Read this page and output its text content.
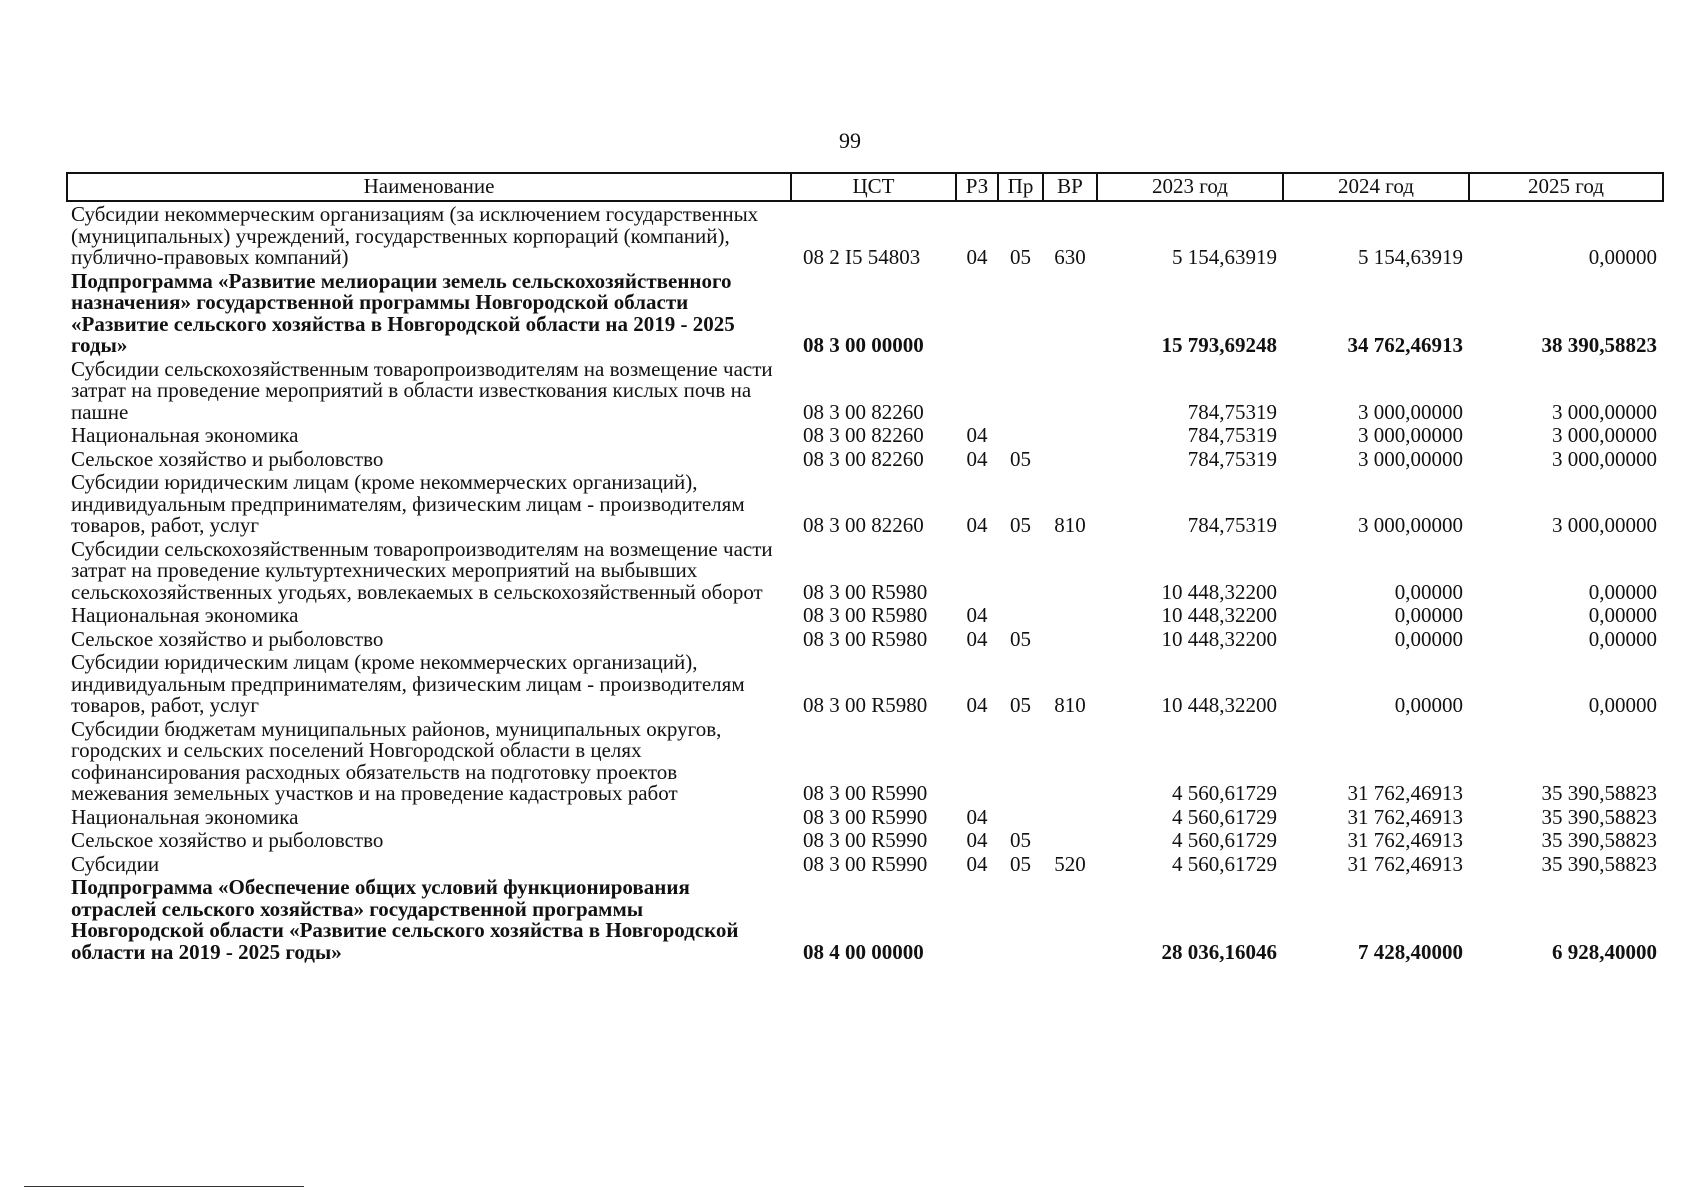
99
Наименование	ЦСТ	РЗ	Пр	ВР	2023 год	2024 год	2025 год
Субсидии некоммерческим организациям (за исключением государственных (муниципальных) учреждений, государственных корпораций (компаний), публично-правовых компаний)	08 2 I5 54803	04	05	630	5 154,63919	5 154,63919	0,00000
Подпрограмма «Развитие мелиорации земель сельскохозяйственного назначения» государственной программы Новгородской области «Развитие сельского хозяйства в Новгородской области на 2019 - 2025 годы»	08 3 00 00000				15 793,69248	34 762,46913	38 390,58823
Субсидии сельскохозяйственным товаропроизводителям на возмещение части затрат на проведение мероприятий в области известкования кислых почв на пашне	08 3 00 82260				784,75319	3 000,00000	3 000,00000
Национальная экономика	08 3 00 82260	04			784,75319	3 000,00000	3 000,00000
Сельское хозяйство и рыболовство	08 3 00 82260	04	05		784,75319	3 000,00000	3 000,00000
Субсидии юридическим лицам (кроме некоммерческих организаций), индивидуальным предпринимателям, физическим лицам - производителям товаров, работ, услуг	08 3 00 82260	04	05	810	784,75319	3 000,00000	3 000,00000
Субсидии сельскохозяйственным товаропроизводителям на возмещение части затрат на проведение культуртехнических мероприятий на выбывших сельскохозяйственных угодьях, вовлекаемых в сельскохозяйственный оборот	08 3 00 R5980				10 448,32200	0,00000	0,00000
Национальная экономика	08 3 00 R5980	04			10 448,32200	0,00000	0,00000
Сельское хозяйство и рыболовство	08 3 00 R5980	04	05		10 448,32200	0,00000	0,00000
Субсидии юридическим лицам (кроме некоммерческих организаций), индивидуальным предпринимателям, физическим лицам - производителям товаров, работ, услуг	08 3 00 R5980	04	05	810	10 448,32200	0,00000	0,00000
Субсидии бюджетам муниципальных районов, муниципальных округов, городских и сельских поселений Новгородской области в целях софинансирования расходных обязательств на подготовку проектов межевания земельных участков и на проведение кадастровых работ	08 3 00 R5990				4 560,61729	31 762,46913	35 390,58823
Национальная экономика	08 3 00 R5990	04			4 560,61729	31 762,46913	35 390,58823
Сельское хозяйство и рыболовство	08 3 00 R5990	04	05		4 560,61729	31 762,46913	35 390,58823
Субсидии	08 3 00 R5990	04	05	520	4 560,61729	31 762,46913	35 390,58823
Подпрограмма «Обеспечение общих условий функционирования отраслей сельского хозяйства» государственной программы Новгородской области «Развитие сельского хозяйства в Новгородской области на 2019 - 2025 годы»	08 4 00 00000				28 036,16046	7 428,40000	6 928,40000
